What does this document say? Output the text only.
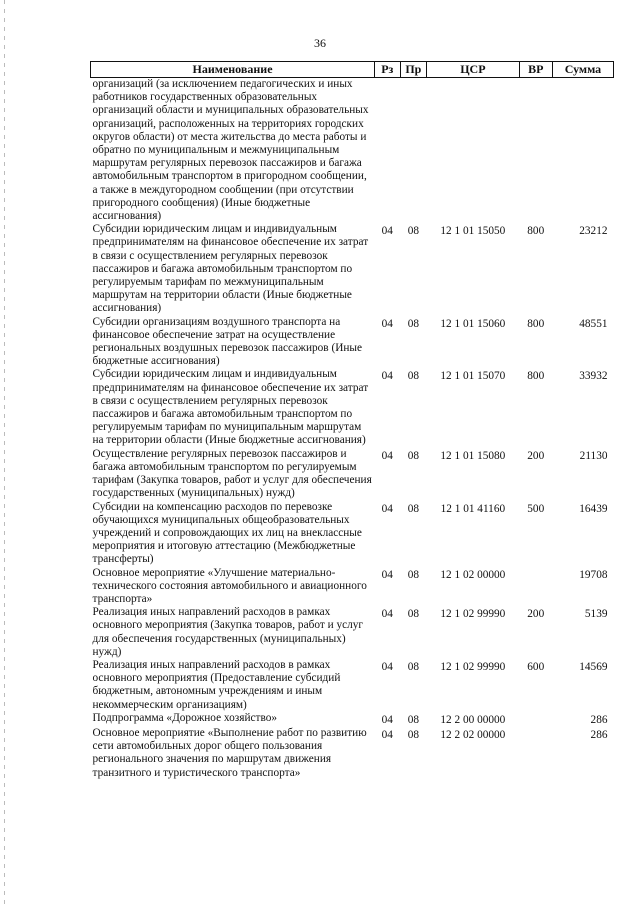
36
Наименование	Рз	Пр	ЦСР	ВР	Сумма
организаций (за исключением педагогических и иных работников государственных образовательных организаций области и муниципальных образовательных организаций, расположенных на территориях городских округов области) от места жительства до места работы и обратно по муниципальным и межмуниципальным маршрутам регулярных перевозок пассажиров и багажа автомобильным транспортом в пригородном сообщении, а также в междугородном сообщении (при отсутствии пригородного сообщения) (Иные бюджетные ассигнования)					
Субсидии юридическим лицам и индивидуальным предпринимателям на финансовое обеспечение их затрат в связи с осуществлением регулярных перевозок пассажиров и багажа автомобильным транспортом по регулируемым тарифам по межмуниципальным маршрутам на территории области (Иные бюджетные ассигнования)	04	08	12 1 01 15050	800	23212
Субсидии организациям воздушного транспорта на финансовое обеспечение затрат на осуществление региональных воздушных перевозок пассажиров (Иные бюджетные ассигнования)	04	08	12 1 01 15060	800	48551
Субсидии юридическим лицам и индивидуальным предпринимателям на финансовое обеспечение их затрат в связи с осуществлением регулярных перевозок пассажиров и багажа автомобильным транспортом по регулируемым тарифам по муниципальным маршрутам на территории области (Иные бюджетные ассигнования)	04	08	12 1 01 15070	800	33932
Осуществление регулярных перевозок пассажиров и багажа автомобильным транспортом по регулируемым тарифам (Закупка товаров, работ и услуг для обеспечения государственных (муниципальных) нужд)	04	08	12 1 01 15080	200	21130
Субсидии на компенсацию расходов по перевозке обучающихся муниципальных общеобразовательных учреждений и сопровождающих их лиц на внеклассные мероприятия и итоговую аттестацию (Межбюджетные трансферты)	04	08	12 1 01 41160	500	16439
Основное мероприятие «Улучшение материально-технического состояния автомобильного и авиационного транспорта»	04	08	12 1 02 00000		19708
Реализация иных направлений расходов в рамках основного мероприятия (Закупка товаров, работ и услуг для обеспечения государственных (муниципальных) нужд)	04	08	12 1 02 99990	200	5139
Реализация иных направлений расходов в рамках основного мероприятия (Предоставление субсидий бюджетным, автономным учреждениям и иным некоммерческим организациям)	04	08	12 1 02 99990	600	14569
Подпрограмма «Дорожное хозяйство»	04	08	12 2 00 00000		286
Основное мероприятие «Выполнение работ по развитию сети автомобильных дорог общего пользования регионального значения по маршрутам движения транзитного и туристического транспорта»	04	08	12 2 02 00000		286
